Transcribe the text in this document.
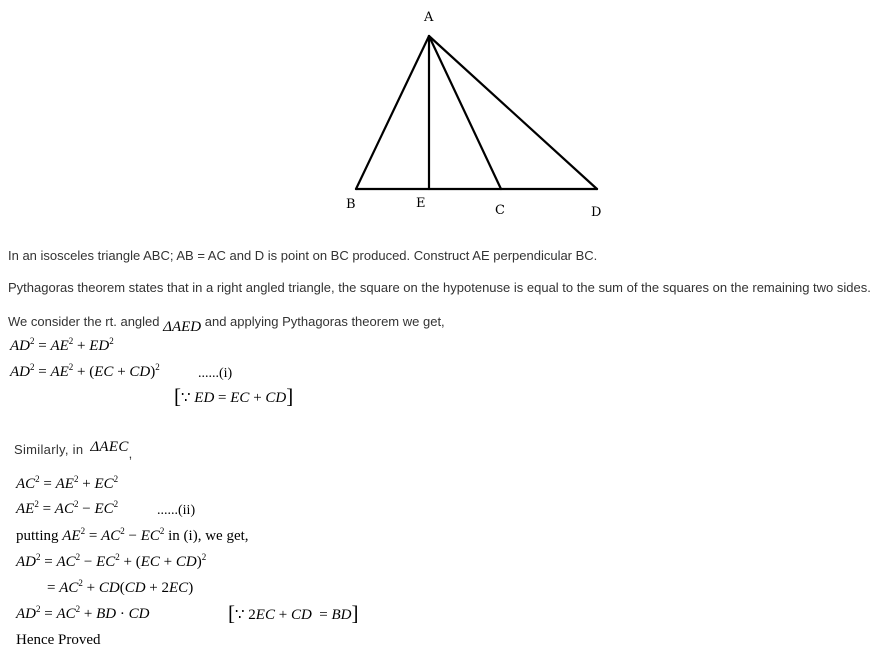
A
B	E	C	D
In an isosceles triangle ABC; AB = AC and D is point on BC produced. Construct AE perpendicular BC.
Pythagoras theorem states that in a right angled triangle, the square on the hypotenuse is equal to the sum of the squares on the remaining two sides.
We consider the rt. angled ΔAED and applying Pythagoras theorem we get,
$AD^2 = AE^2 + ED^2$
$AD^2 = AE^2 + (EC + CD)^2$	......(i)
[∵ ED = EC + CD]
Similarly, in ΔAEC,
$AC^2 = AE^2 + EC^2$
$AE^2 = AC^2 - EC^2$	......(ii)
putting $AE^2 = AC^2 - EC^2$ in (i), we get,
$AD^2 = AC^2 - EC^2 + (EC + CD)^2$
= $AC^2 + CD(CD + 2EC)$
$AD^2 = AC^2$ + BD · CD	[∵ 2EC + CD  = BD]
Hence Proved
